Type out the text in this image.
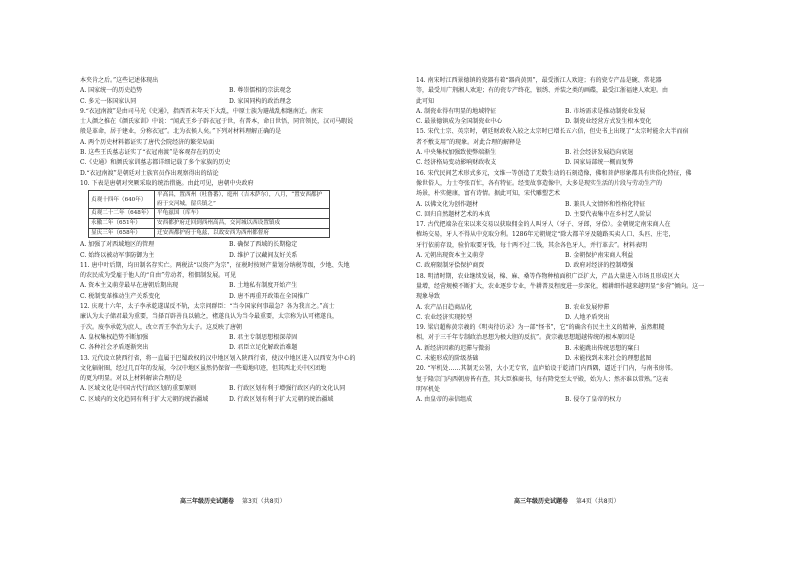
本夹肯之后。”这些记述体现出
A. 国家统一的历史趋势	B. 尊崇儒相的宗法观念
C. 多元一体国家认同	D. 家国同构的政治理念
9.“衣冠南渡”是由司马光《史通》，指西晋末年天下大乱，中原士族为避战乱相继南迁。南宋
士人颜之推在《颜氏家训》中说：“闻武王乡子辟衣冠于世，有普本，命日世悟，同官领民，汉司马暇说
般是革命，居于建业，分称衣冠”。北为衣候人矣。”下列对材料理解正确的是
A. 两个历史材料都证实了唐代会院经济的繁荣局面
B. 这些王氏墓志证实了“衣冠南渡”是客观存在的历史
C.《史通》和颜氏家训墓志都详细记载了多个家族的历史
D.“衣冠南渡”是朝廷对士族官员作出观察得出的结论
10. 下表是唐朝对突厥采取的统治措施。由此可见，唐朝中央政府
贞观十四年（640年）	平高昌，置西州（吐鲁番），庭州（吉木萨尔），八月，“置安西都护府于交河城，留兵镇之”
贞观二十二年（648年）	平龟兹国（库车）
永徽二年（651年）	安西都护府迁回到西州高昌，交河城以西设置镇戍
显庆三年（658年）	迁安西都护府于龟兹，以故安西为西州都督府
A. 加强了对西域地区的管理	B. 确保了西域的长期稳定
C. 始终以被动军事防御为主	D. 维护了汉藏间友好关系
11. 唐中叶后期，均田制名存实亡。两税法“以资产为宗”，征税时按财产量划分纳税等级，少地、失地
的农民成为受雇于他人的“自由”劳动者，租佃制发展。可见
A. 资本主义萌芽最早在唐朝后期出现	B. 土地私有制度开始产生
C. 税制变革推动生产关系变化	D. 唐不再重开政策在全国推广
12. 庆观十六年，太子李承乾遂谋反不轨，太宗问群臣：“当今国家何事最急？各为我言之。”高士
廉认为太子储君最为重要，当择百辟善良以辅之，褚遂良认为当今最重要，太宗称为认可褚遂良，
于次。废李承乾为庶人，改立晋王李治为太子。这反映了唐朝
A. 皇权集权趋势不断加强	B. 君主专制思想根深蒂固
C. 各种社会矛盾逐渐突出	D. 君臣立足化解政治难题
13. 元代设立陕西行省，将一直属于巴蜀政权的汉中地区划入陕西行省，使汉中地区进入以西安为中心的
文化辐射圈，经过几百年的发展，今汉中地区虽然仍保留一些蜀地印迹，但其西北关中区团地
的更为明显。对以上材料解读合理的是
A. 区域文化是中国古代行政区划的重要原则	B. 行政区划有利于增强行政区内的文化认同
C. 区域内的文化趋同有利于扩大元朝的统治疆域	D. 行政区划有利于扩大元朝的统治疆域
高三年级历史试题卷 第3页（共8页）
14. 南宋时江西景德镇的瓷器有着“器尚黄黑”，最受浙江人欢迎；有的瓷专产品是碗、常花器
等，最受川广荆湘人欢迎；有的瓷专产终花，银绣、并装之类的画碟，最受江浙福建人欢迎。由
此可知
A. 制瓷业得有明显的地域特征	B. 市场需求是推动制瓷业发展
C. 最景德镇成为全国制瓷业中心	D. 制瓷业经营方式发生根本变化
15. 宋代士宗、英宗时，朝廷财政收入较之太宗时已增长五六倍，但史书上出现了“太宗时能余大半而宿
者不敷支用”的现象。对此合理的解释是
A. 中央集权加强致使弊端渐生	B. 社会经济发展趋向衰退
C. 经济格局变动影响财政收支	D. 国家局部统一概而复弊
16. 宋代民间艺术形式多元，文维一等创造了无数生动的石刻造像，佛和菩萨形象都具有世俗化特征，佛
像世俗人，力士夸张百忙，各有特征。经变故事造像中，大多是现实生活的片段与劳动生产的
场景，朴实健康，富有诗情。据此可知，宋代雕塑艺术
A. 以佛文化为创作题材	B. 兼具人文情怀和性格化特征
C. 回归自然题材艺术的本真	D. 主要代表集中在乡村艺人阶层
17. 古代把端杂在宋以来交易以获取佣金的人叫牙人（牙子、牙郎，牙侩）。金朝规定南宋商人在
榷场交易，牙人不得从中克取分利。1286年元朝规定“除大都羊牙及随路买卖人口、头匹、庄宅，
牙行依前存设，验价取要牙钱，每十两不过二钱，其余各色牙人，并行革去”。材料表明
A. 元朝出现资本主义萌芽	B. 金朝保护南宋商人利益
C. 政府限制牙侩保护商贾	D. 政府对经济的控制增强
18. 明清时期，农业继续发展，棉、麻、桑等作物种植面积广泛扩大，产品大量进入市场且形成区大
量增，经营规模不断扩大，农业逐步专业，牛耕普及程度进一步深化，精耕细作越来越明显“多营”倾向。这一
现象导致
A. 农产品日趋商品化	B. 农业发展停滞
C. 农业经济实现转型	D. 人地矛盾突出
19. 梁启超称黄宗羲的《明夷待访录》为一部“怪书”，它“的确含有民主主义的精神，虽然粗糙
相，对于三千年专制政治思想为极大胆的反抗”。黄宗羲思想超越传统的根本原因是
A. 新经济因素的迟滞与微弱	B. 未能跳出传统思想的窠臼
C. 未能形成的阶级基础	D. 未能找到未来社会的理想蓝图
20. “军机处……其制无公署，大小无专官，直庐始设于乾清门内西隅，逼近于门内，与南书房邻。
复于隆宗门内西朝房皆有查，其大臣推商书，每有降党至太平殿，始为人；然亦谁以常熟。”这表
明军机处
A. 由皇帝的亲信组成	B. 侵夺了皇帝的权力
高三年级历史试题卷 第4页（共8页）
